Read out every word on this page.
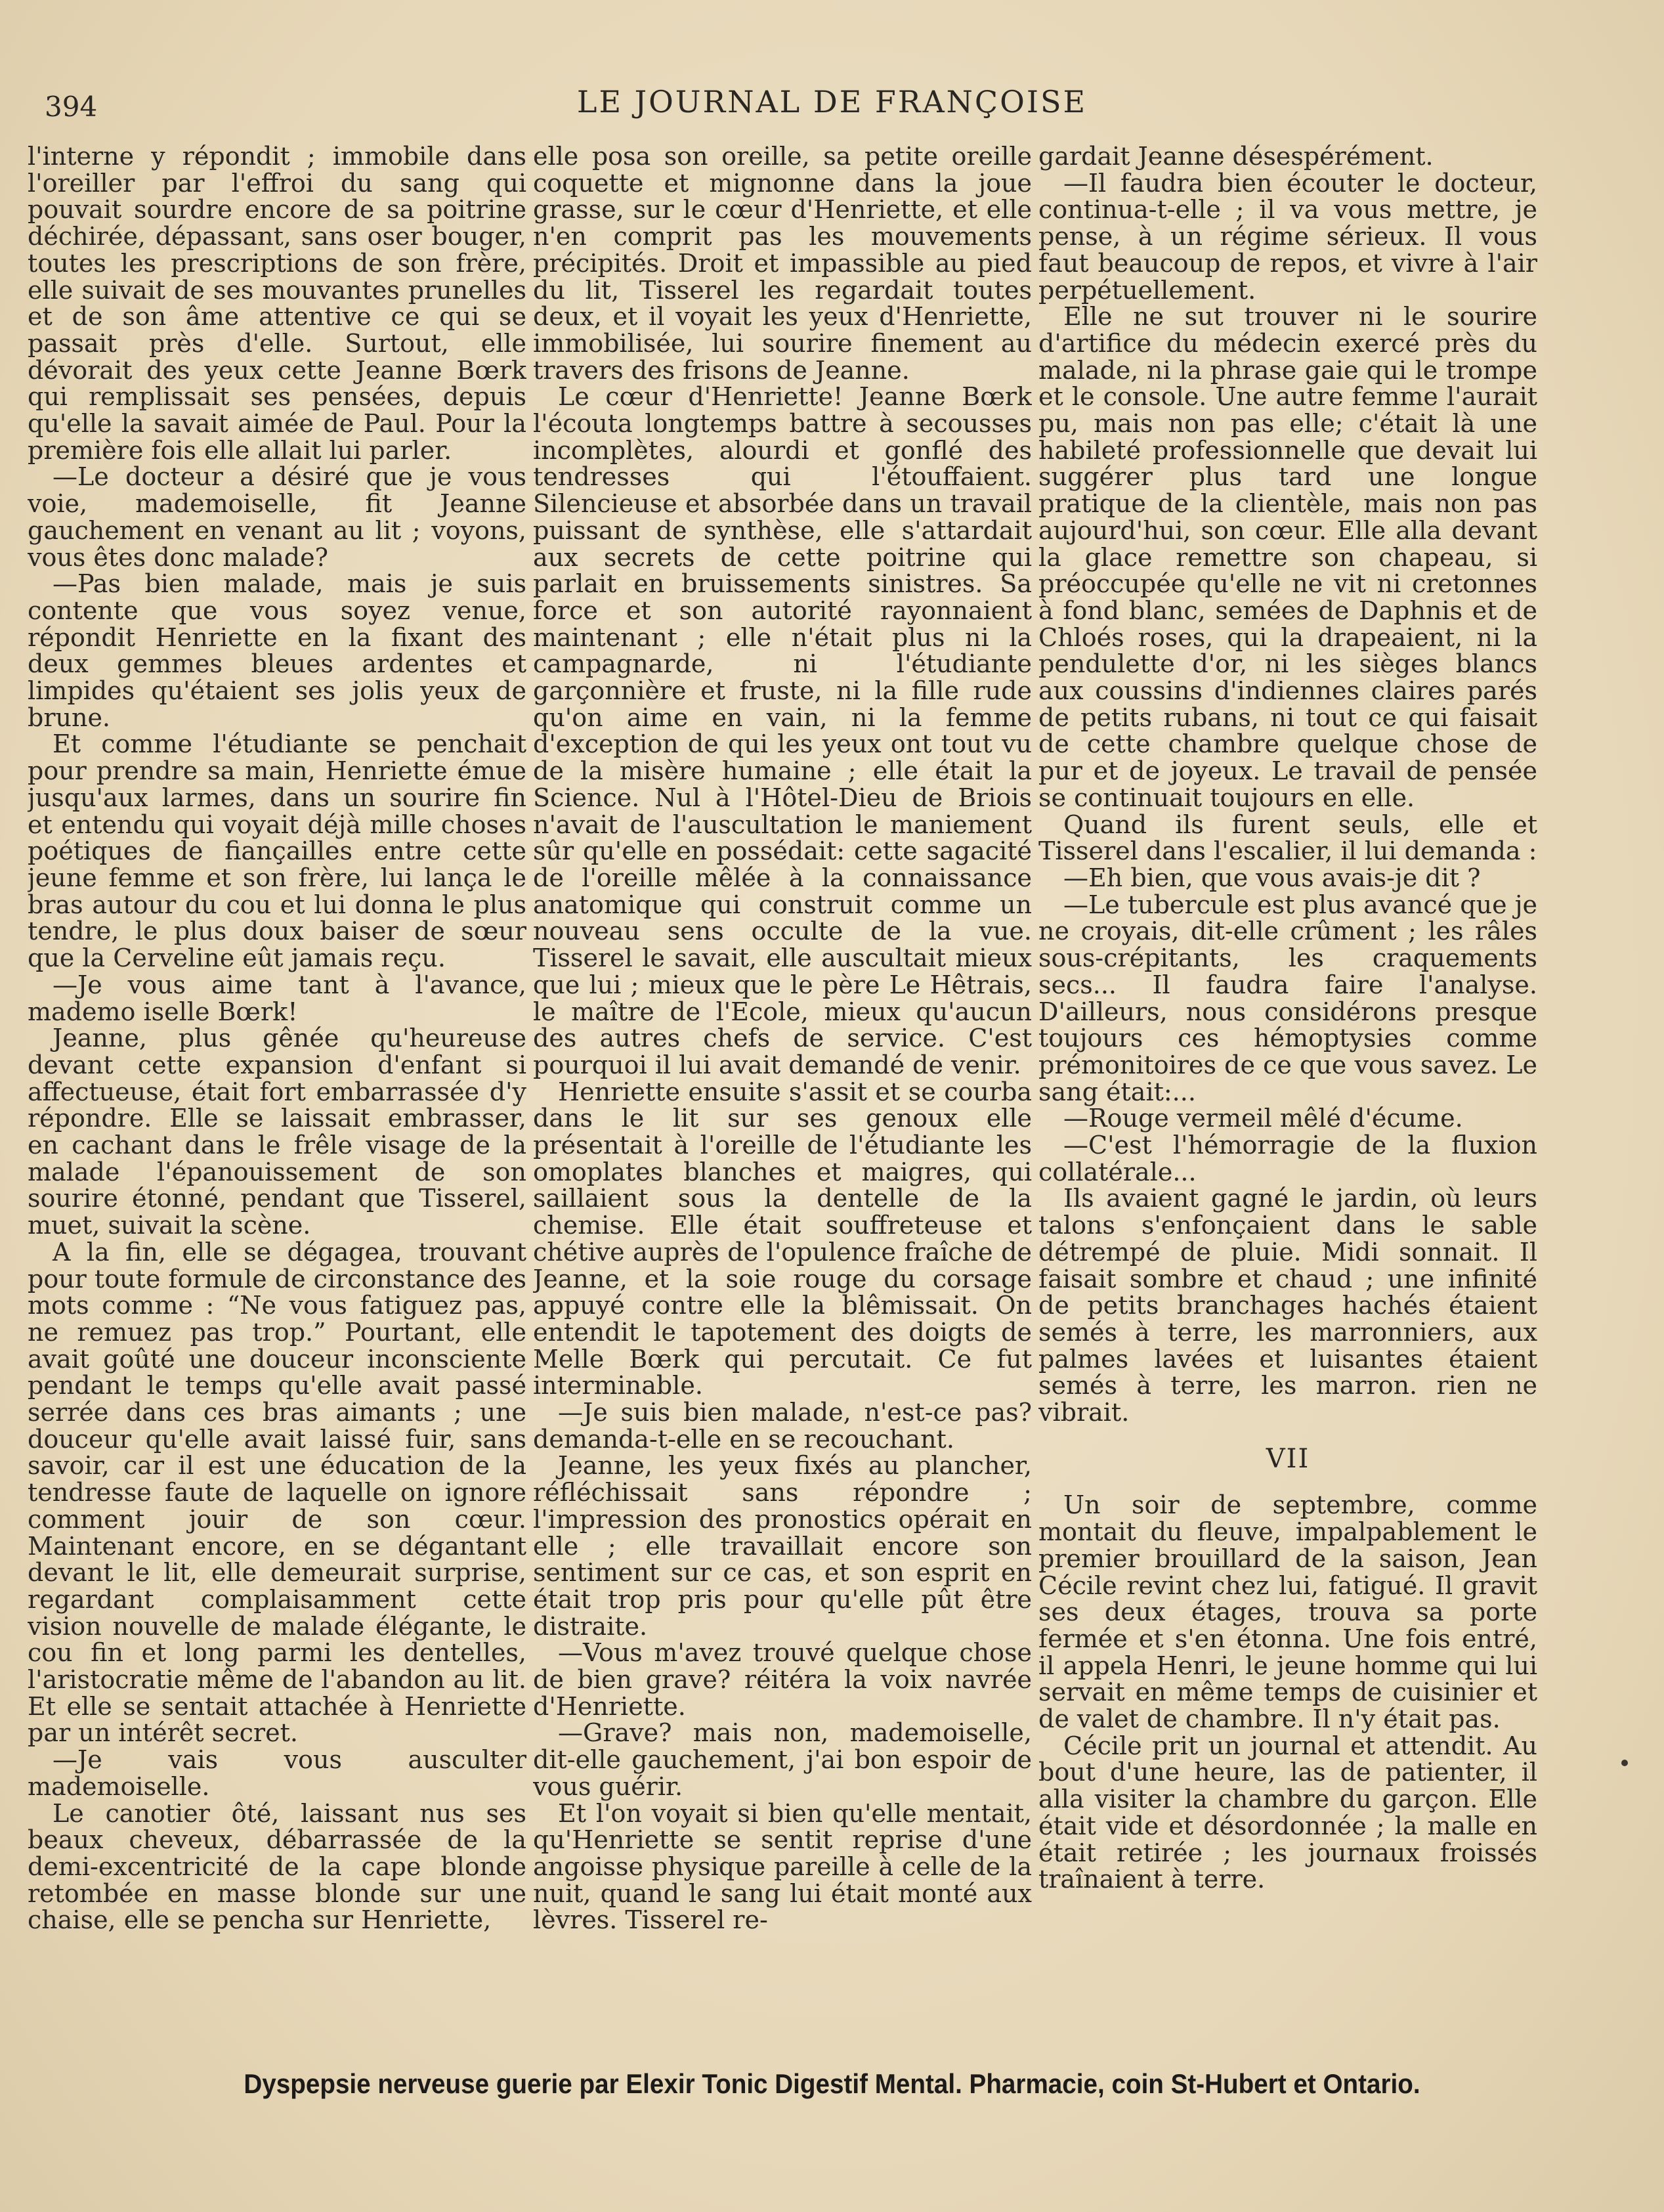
394	LE JOURNAL DE FRANÇOISE

l'interne y répondit ; immobile dans l'oreiller par l'effroi du sang qui pouvait sourdre encore de sa poitrine déchirée, dépassant, sans oser bouger, toutes les prescriptions de son frère, elle suivait de ses mouvantes prunelles et de son âme attentive ce qui se passait près d'elle. Surtout, elle dévorait des yeux cette Jeanne Bœrk qui remplissait ses pensées, depuis qu'elle la savait aimée de Paul. Pour la première fois elle allait lui parler.

—Le docteur a désiré que je vous voie, mademoiselle, fit Jeanne gauchement en venant au lit ; voyons, vous êtes donc malade?

—Pas bien malade, mais je suis contente que vous soyez venue, répondit Henriette en la fixant des deux gemmes bleues ardentes et limpides qu'étaient ses jolis yeux de brune.

Et comme l'étudiante se penchait pour prendre sa main, Henriette émue jusqu'aux larmes, dans un sourire fin et entendu qui voyait déjà mille choses poétiques de fiançailles entre cette jeune femme et son frère, lui lança le bras autour du cou et lui donna le plus tendre, le plus doux baiser de sœur que la Cerveline eût jamais reçu.

—Je vous aime tant à l'avance, mademo iselle Bœrk!

Jeanne, plus gênée qu'heureuse devant cette expansion d'enfant si affectueuse, était fort embarrassée d'y répondre. Elle se laissait embrasser, en cachant dans le frêle visage de la malade l'épanouissement de son sourire étonné, pendant que Tisserel, muet, suivait la scène.

A la fin, elle se dégagea, trouvant pour toute formule de circonstance des mots comme : “Ne vous fatiguez pas, ne remuez pas trop.” Pourtant, elle avait goûté une douceur inconsciente pendant le temps qu'elle avait passé serrée dans ces bras aimants ; une douceur qu'elle avait laissé fuir, sans savoir, car il est une éducation de la tendresse faute de laquelle on ignore comment jouir de son cœur. Maintenant encore, en se dégantant devant le lit, elle demeurait surprise, regardant complaisamment cette vision nouvelle de malade élégante, le cou fin et long parmi les dentelles, l'aristocratie même de l'abandon au lit. Et elle se sentait attachée à Henriette par un intérêt secret.

—Je vais vous ausculter mademoiselle.

Le canotier ôté, laissant nus ses beaux cheveux, débarrassée de la demi-excentricité de la cape blonde retombée en masse blonde sur une chaise, elle se pencha sur Henriette,

elle posa son oreille, sa petite oreille coquette et mignonne dans la joue grasse, sur le cœur d'Henriette, et elle n'en comprit pas les mouvements précipités. Droit et impassible au pied du lit, Tisserel les regardait toutes deux, et il voyait les yeux d'Henriette, immobilisée, lui sourire finement au travers des frisons de Jeanne.

Le cœur d'Henriette! Jeanne Bœrk l'écouta longtemps battre à secousses incomplètes, alourdi et gonflé des tendresses qui l'étouffaient. Silencieuse et absorbée dans un travail puissant de synthèse, elle s'attardait aux secrets de cette poitrine qui parlait en bruissements sinistres. Sa force et son autorité rayonnaient maintenant ; elle n'était plus ni la campagnarde, ni l'étudiante garçonnière et fruste, ni la fille rude qu'on aime en vain, ni la femme d'exception de qui les yeux ont tout vu de la misère humaine ; elle était la Science. Nul à l'Hôtel-Dieu de Briois n'avait de l'auscultation le maniement sûr qu'elle en possédait: cette sagacité de l'oreille mêlée à la connaissance anatomique qui construit comme un nouveau sens occulte de la vue. Tisserel le savait, elle auscultait mieux que lui ; mieux que le père Le Hêtrais, le maître de l'Ecole, mieux qu'aucun des autres chefs de service. C'est pourquoi il lui avait demandé de venir.

Henriette ensuite s'assit et se courba dans le lit sur ses genoux elle présentait à l'oreille de l'étudiante les omoplates blanches et maigres, qui saillaient sous la dentelle de la chemise. Elle était souffreteuse et chétive auprès de l'opulence fraîche de Jeanne, et la soie rouge du corsage appuyé contre elle la blêmissait. On entendit le tapotement des doigts de Melle Bœrk qui percutait. Ce fut interminable.

—Je suis bien malade, n'est-ce pas? demanda-t-elle en se recouchant.

Jeanne, les yeux fixés au plancher, réfléchissait sans répondre ; l'impression des pronostics opérait en elle ; elle travaillait encore son sentiment sur ce cas, et son esprit en était trop pris pour qu'elle pût être distraite.

—Vous m'avez trouvé quelque chose de bien grave? réitéra la voix navrée d'Henriette.

—Grave? mais non, mademoiselle, dit-elle gauchement, j'ai bon espoir de vous guérir.

Et l'on voyait si bien qu'elle mentait, qu'Henriette se sentit reprise d'une angoisse physique pareille à celle de la nuit, quand le sang lui était monté aux lèvres. Tisserel re-

gardait Jeanne désespérément.

—Il faudra bien écouter le docteur, continua-t-elle ; il va vous mettre, je pense, à un régime sérieux. Il vous faut beaucoup de repos, et vivre à l'air perpétuellement.

Elle ne sut trouver ni le sourire d'artifice du médecin exercé près du malade, ni la phrase gaie qui le trompe et le console. Une autre femme l'aurait pu, mais non pas elle; c'était là une habileté professionnelle que devait lui suggérer plus tard une longue pratique de la clientèle, mais non pas aujourd'hui, son cœur. Elle alla devant la glace remettre son chapeau, si préoccupée qu'elle ne vit ni cretonnes à fond blanc, semées de Daphnis et de Chloés roses, qui la drapeaient, ni la pendulette d'or, ni les sièges blancs aux coussins d'indiennes claires parés de petits rubans, ni tout ce qui faisait de cette chambre quelque chose de pur et de joyeux. Le travail de pensée se continuait toujours en elle.

Quand ils furent seuls, elle et Tisserel dans l'escalier, il lui demanda :

—Eh bien, que vous avais-je dit ?

—Le tubercule est plus avancé que je ne croyais, dit-elle crûment ; les râles sous-crépitants, les craquements secs... Il faudra faire l'analyse. D'ailleurs, nous considérons presque toujours ces hémoptysies comme prémonitoires de ce que vous savez. Le sang était:...

—Rouge vermeil mêlé d'écume.

—C'est l'hémorragie de la fluxion collatérale...

Ils avaient gagné le jardin, où leurs talons s'enfonçaient dans le sable détrempé de pluie. Midi sonnait. Il faisait sombre et chaud ; une infinité de petits branchages hachés étaient semés à terre, les marronniers, aux palmes lavées et luisantes étaient semés à terre, les marron. rien ne vibrait.

VII

Un soir de septembre, comme montait du fleuve, impalpablement le premier brouillard de la saison, Jean Cécile revint chez lui, fatigué. Il gravit ses deux étages, trouva sa porte fermée et s'en étonna. Une fois entré, il appela Henri, le jeune homme qui lui servait en même temps de cuisinier et de valet de chambre. Il n'y était pas.

Cécile prit un journal et attendit. Au bout d'une heure, las de patienter, il alla visiter la chambre du garçon. Elle était vide et désordonnée ; la malle en était retirée ; les journaux froissés traînaient à terre.

Dyspepsie nerveuse guerie par Elexir Tonic Digestif Mental. Pharmacie, coin St-Hubert et Ontario.
